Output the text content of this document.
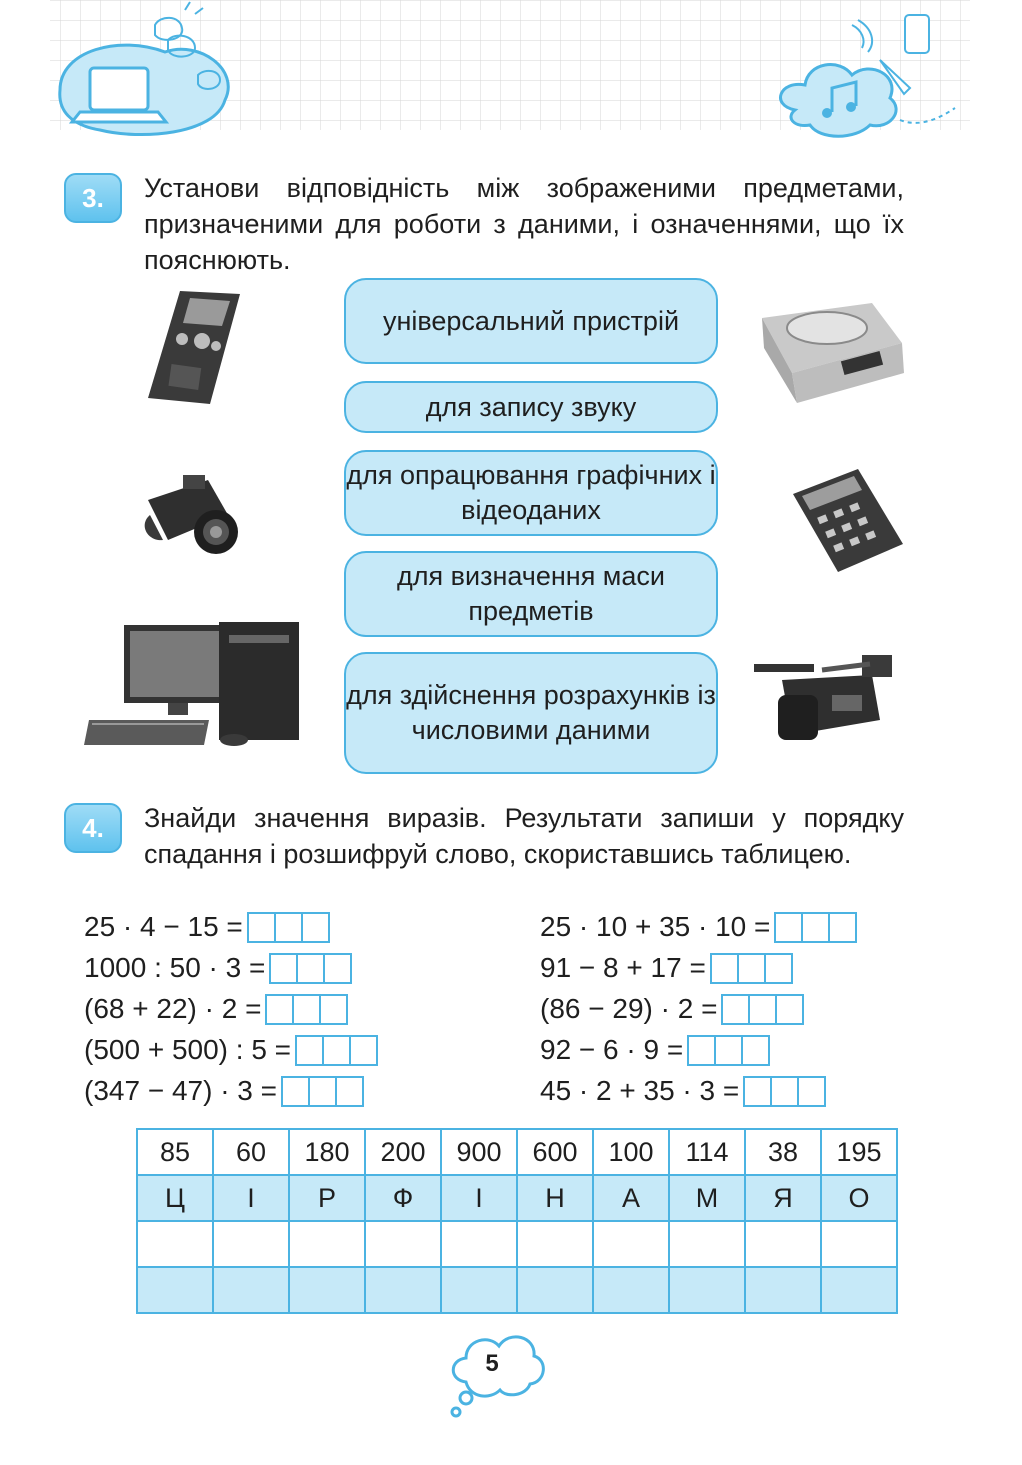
3.	Установи відповідність між зображеними предметами, призначеними для роботи з даними, і означеннями, що їх пояснюють.
універсальний пристрій
для запису звуку
для опрацювання графічних і відеоданих
для визначення маси предметів
для здійснення розрахунків із числовими даними
4.	Знайди значення виразів. Результати запиши у порядку спадання і розшифруй слово, скориставшись таблицею.
25 · 4 − 15 =
1000 : 50 · 3 =
(68 + 22) · 2 =
(500 + 500) : 5 =
(347 − 47) · 3 =
25 · 10 + 35 · 10 =
91 − 8 + 17 =
(86 − 29) · 2 =
92 − 6 · 9 =
45 · 2 + 35 · 3 =
85	60	180	200	900	600	100	114	38	195
Ц	І	Р	Ф	І	Н	А	М	Я	О

5
